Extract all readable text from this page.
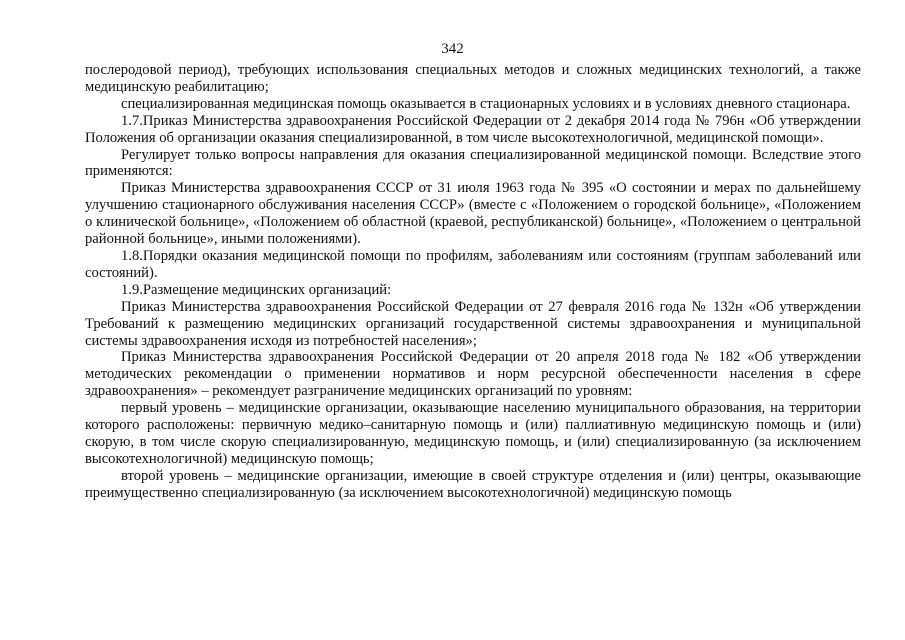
342

послеродовой период), требующих использования специальных методов и сложных медицинских технологий, а также медицинскую реабилитацию;

специализированная медицинская помощь оказывается в стационарных условиях и в условиях дневного стационара.

1.7.Приказ Министерства здравоохранения Российской Федерации от 2 декабря 2014 года № 796н «Об утверждении Положения об организации оказания специализированной, в том числе высокотехнологичной, медицинской помощи».

Регулирует только вопросы направления для оказания специализированной медицинской помощи. Вследствие этого применяются:

Приказ Министерства здравоохранения СССР от 31 июля 1963 года № 395 «О состоянии и мерах по дальнейшему улучшению стационарного обслуживания населения СССР» (вместе с «Положением о городской больнице», «Положением о клинической больнице», «Положением об областной (краевой, республиканской) больнице», «Положением о центральной районной больнице», иными положениями).

1.8.Порядки оказания медицинской помощи по профилям, заболеваниям или состояниям (группам заболеваний или состояний).

1.9.Размещение медицинских организаций:

Приказ Министерства здравоохранения Российской Федерации от 27 февраля 2016 года № 132н «Об утверждении Требований к размещению медицинских организаций государственной системы здравоохранения и муниципальной системы здравоохранения исходя из потребностей населения»;

Приказ Министерства здравоохранения Российской Федерации от 20 апреля 2018 года № 182 «Об утверждении методических рекомендации о применении нормативов и норм ресурсной обеспеченности населения в сфере здравоохранения» – рекомендует разграничение медицинских организаций по уровням:

первый уровень – медицинские организации, оказывающие населению муниципального образования, на территории которого расположены: первичную медико–санитарную помощь и (или) паллиативную медицинскую помощь и (или) скорую, в том числе скорую специализированную, медицинскую помощь, и (или) специализированную (за исключением высокотехнологичной) медицинскую помощь;

второй уровень – медицинские организации, имеющие в своей структуре отделения и (или) центры, оказывающие преимущественно специализированную (за исключением высокотехнологичной) медицинскую помощь
